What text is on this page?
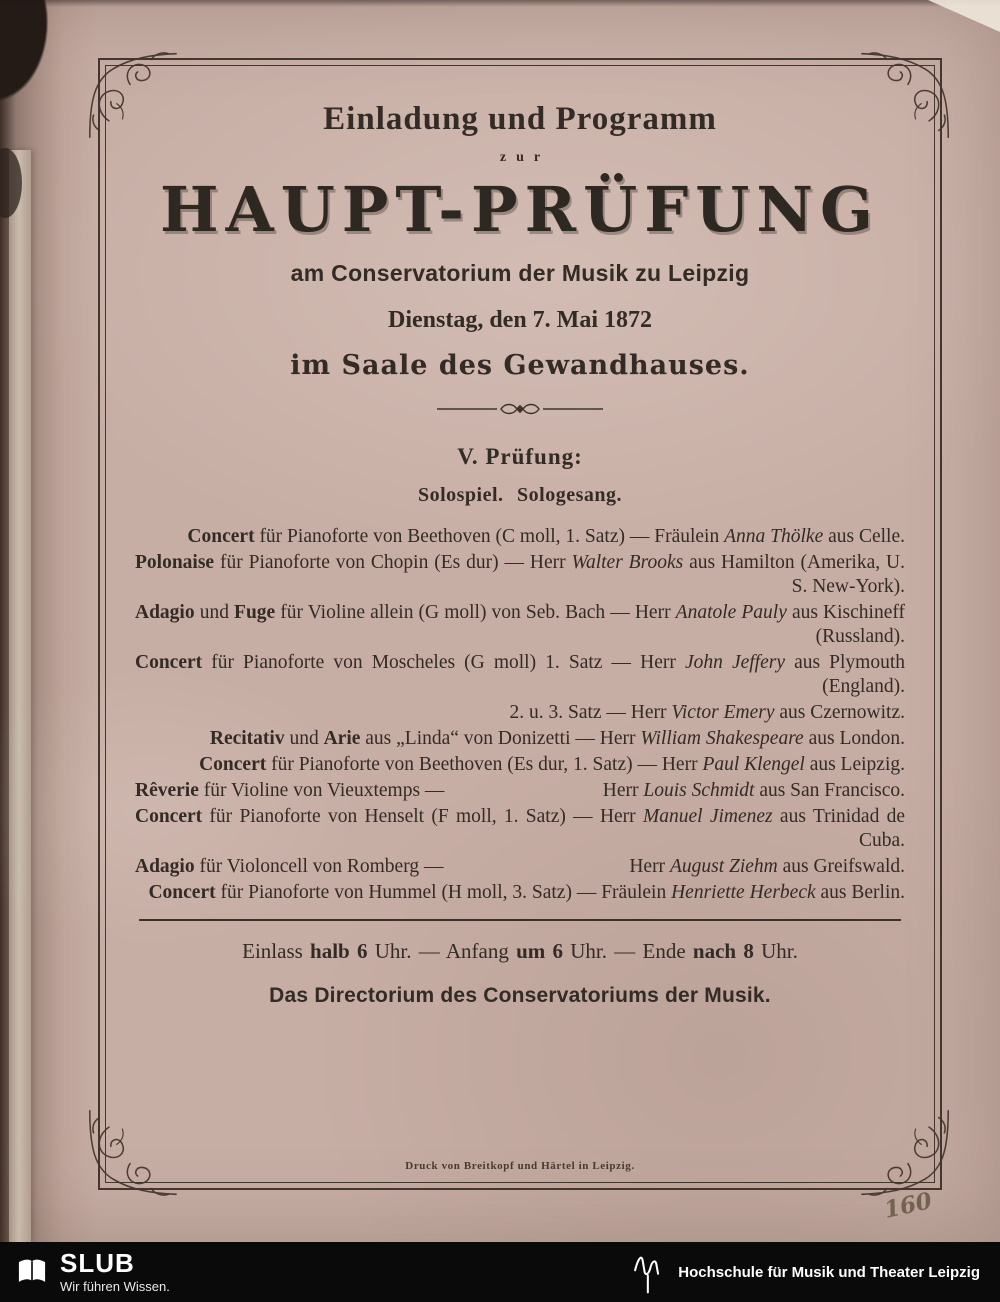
Einladung und Programm
zur
HAUPT-PRÜFUNG
am Conservatorium der Musik zu Leipzig
Dienstag, den 7. Mai 1872
im Saale des Gewandhauses.
V. Prüfung:
Solospiel. Sologesang.
Concert für Pianoforte von Beethoven (C moll, 1. Satz) — Fräulein Anna Thölke aus Celle.
Polonaise für Pianoforte von Chopin (Es dur) — Herr Walter Brooks aus Hamilton (Amerika, U. S. New-York).
Adagio und Fuge für Violine allein (G moll) von Seb. Bach — Herr Anatole Pauly aus Kischineff (Russland).
Concert für Pianoforte von Moscheles (G moll) 1. Satz — Herr John Jeffery aus Plymouth (England).
2. u. 3. Satz — Herr Victor Emery aus Czernowitz.
Recitativ und Arie aus „Linda“ von Donizetti — Herr William Shakespeare aus London.
Concert für Pianoforte von Beethoven (Es dur, 1. Satz) — Herr Paul Klengel aus Leipzig.
Rêverie für Violine von Vieuxtemps —	Herr Louis Schmidt aus San Francisco.
Concert für Pianoforte von Henselt (F moll, 1. Satz) — Herr Manuel Jimenez aus Trinidad de Cuba.
Adagio für Violoncell von Romberg —	Herr August Ziehm aus Greifswald.
Concert für Pianoforte von Hummel (H moll, 3. Satz) — Fräulein Henriette Herbeck aus Berlin.
Einlass halb 6 Uhr. — Anfang um 6 Uhr. — Ende nach 8 Uhr.
Das Directorium des Conservatoriums der Musik.
Druck von Breitkopf und Härtel in Leipzig.
160
SLUB
Wir führen Wissen.
Hochschule für Musik und Theater Leipzig
